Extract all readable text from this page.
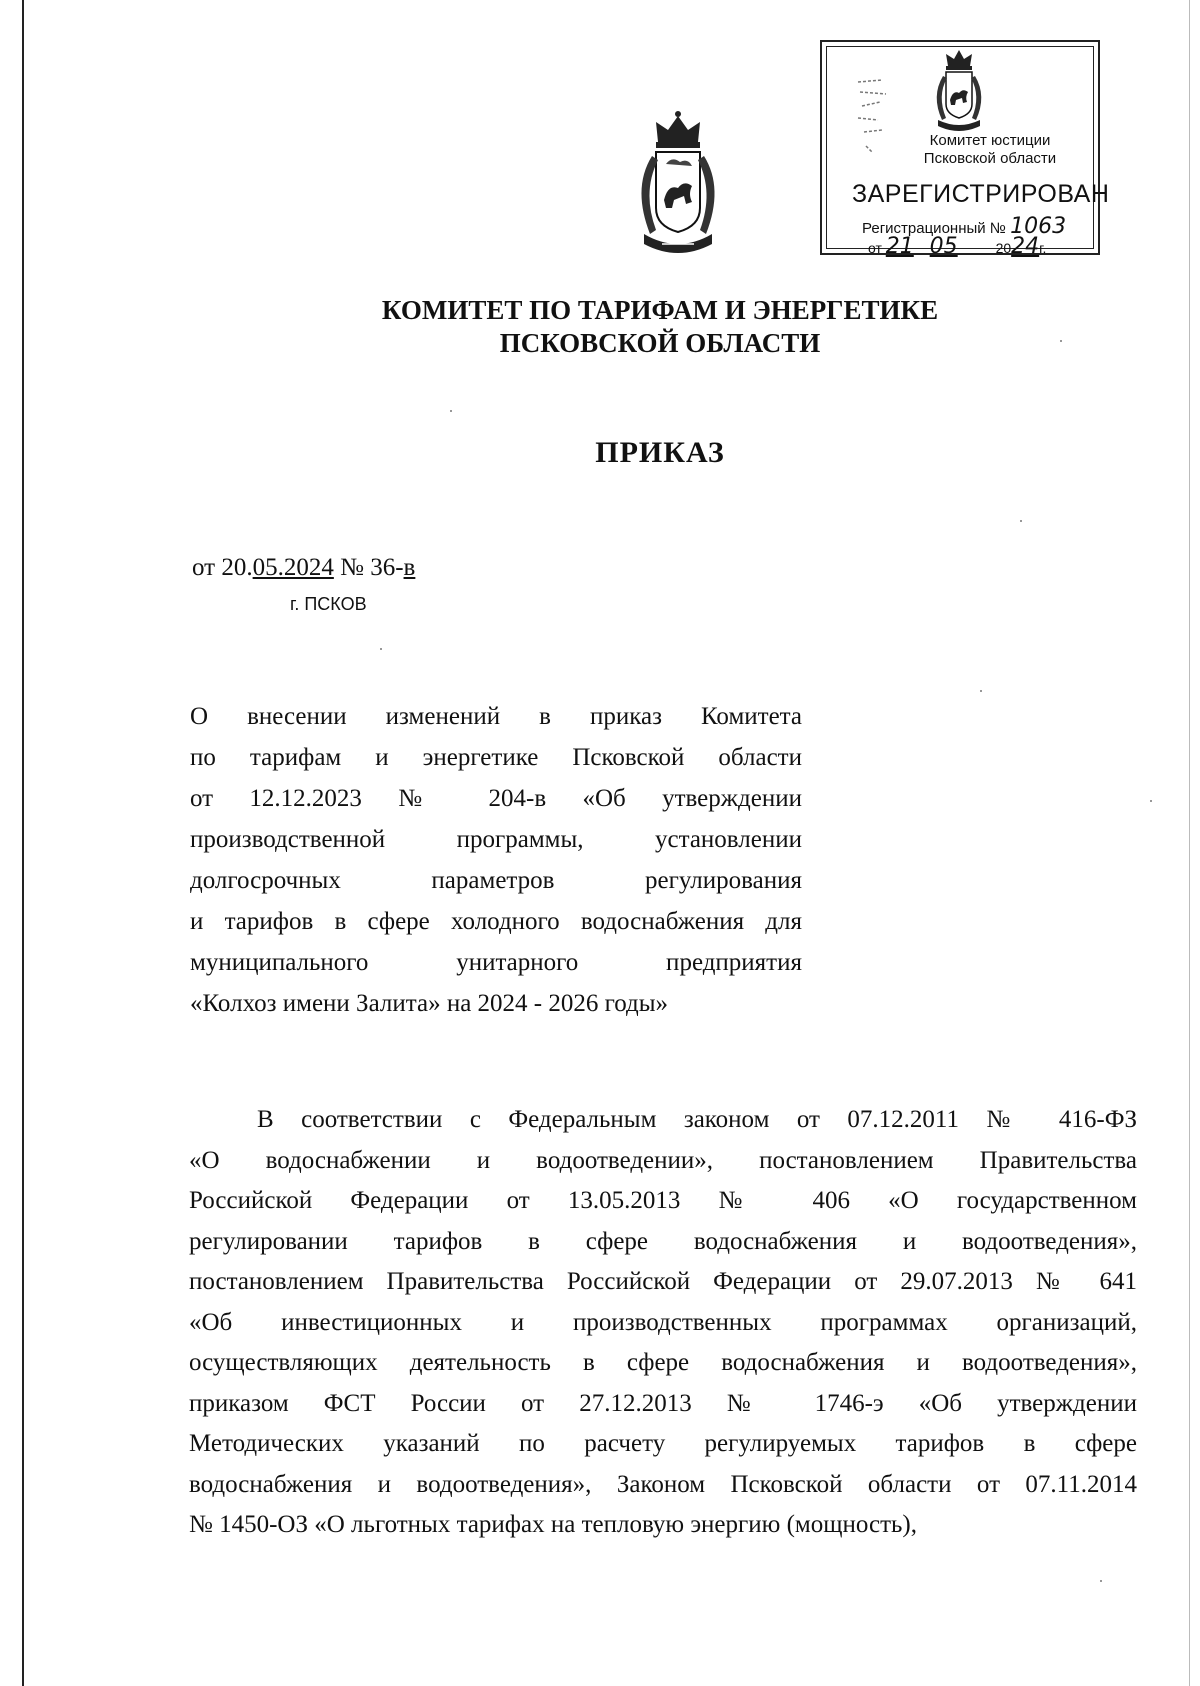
Комитет юстиции
Псковской области
ЗАРЕГИСТРИРОВАН
Регистрационный № 1063
от 21 05	2024г.
КОМИТЕТ ПО ТАРИФАМ И ЭНЕРГЕТИКЕ
ПСКОВСКОЙ ОБЛАСТИ
ПРИКАЗ
от 20.05.2024 № 36-в
г. ПСКОВ

О внесении изменений в приказ Комитета

по тарифам и энергетике Псковской области

от 12.12.2023 № 204-в «Об утверждении

производственной программы, установлении

долгосрочных параметров регулирования

и тарифов в сфере холодного водоснабжения для

муниципального унитарного предприятия

«Колхоз имени Залита» на 2024 - 2026 годы»

В соответствии с Федеральным законом от 07.12.2011 № 416-ФЗ

«О водоснабжении и водоотведении», постановлением Правительства

Российской Федерации от 13.05.2013 № 406 «О государственном

регулировании тарифов в сфере водоснабжения и водоотведения»,

постановлением Правительства Российской Федерации от 29.07.2013 № 641

«Об инвестиционных и производственных программах организаций,

осуществляющих деятельность в сфере водоснабжения и водоотведения»,

приказом ФСТ России от 27.12.2013 № 1746-э «Об утверждении

Методических указаний по расчету регулируемых тарифов в сфере

водоснабжения и водоотведения», Законом Псковской области от 07.11.2014

№ 1450-ОЗ «О льготных тарифах на тепловую энергию (мощность),
